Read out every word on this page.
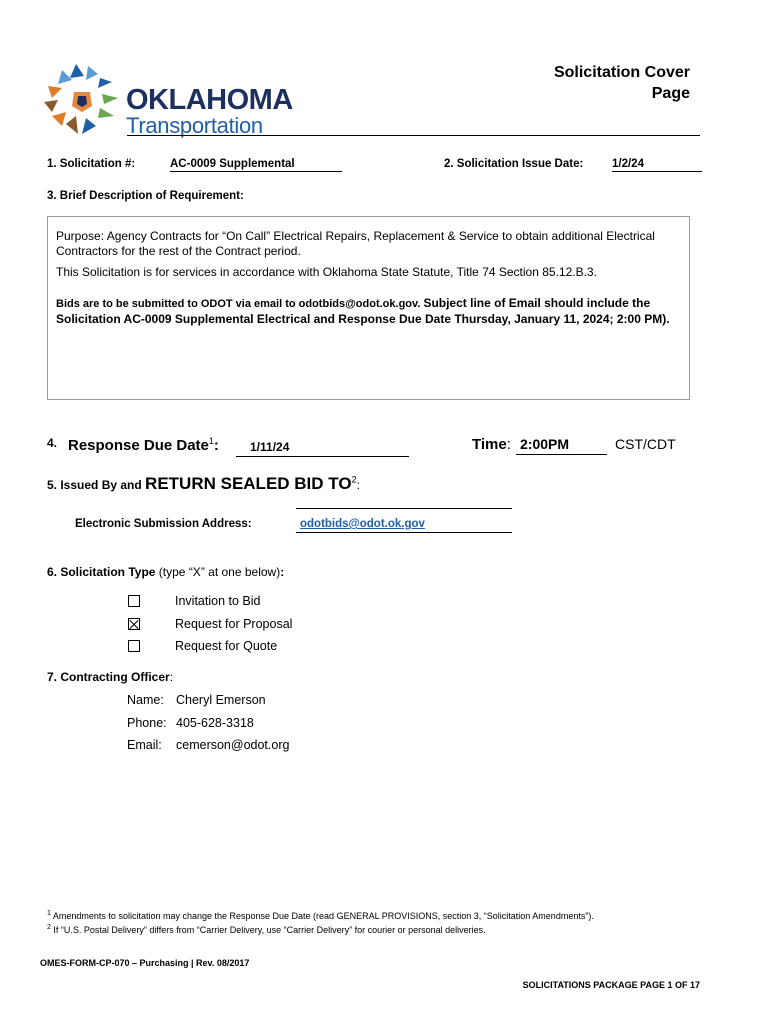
OKLAHOMA
Transportation
Solicitation Cover
Page
1. Solicitation #:	AC-0009 Supplemental	2. Solicitation Issue Date: 1/2/24
3. Brief Description of Requirement:

Purpose: Agency Contracts for “On Call” Electrical Repairs, Replacement & Service to obtain additional Electrical Contractors for the rest of the Contract period.

This Solicitation is for services in accordance with Oklahoma State Statute, Title 74 Section 85.12.B.3.

Bids are to be submitted to ODOT via email to odotbids@odot.ok.gov. Subject line of Email should include the Solicitation AC-0009 Supplemental Electrical and Response Due Date Thursday, January 11, 2024; 2:00 PM).

4. Response Due Date$^1$:	1/11/24	Time: 2:00PM	CST/CDT
5. Issued By and RETURN SEALED BID $TO^2$:
Electronic Submission Address:	odotbids@odot.ok.gov
6. Solicitation Type (type “X” at one below):
Invitation to Bid
Request for Proposal
Request for Quote
7. Contracting Officer:
Name: Cheryl Emerson
Phone: 405-628-3318
Email: cemerson@odot.org
$^1$ Amendments to solicitation may change the Response Due Date (read GENERAL PROVISIONS, section 3, “Solicitation Amendments”).
$^2$ If “U.S. Postal Delivery” differs from “Carrier Delivery, use “Carrier Delivery” for courier or personal deliveries.
OMES-FORM-CP-070 – Purchasing | Rev. 08/2017
SOLICITATIONS PACKAGE PAGE 1 OF 17
